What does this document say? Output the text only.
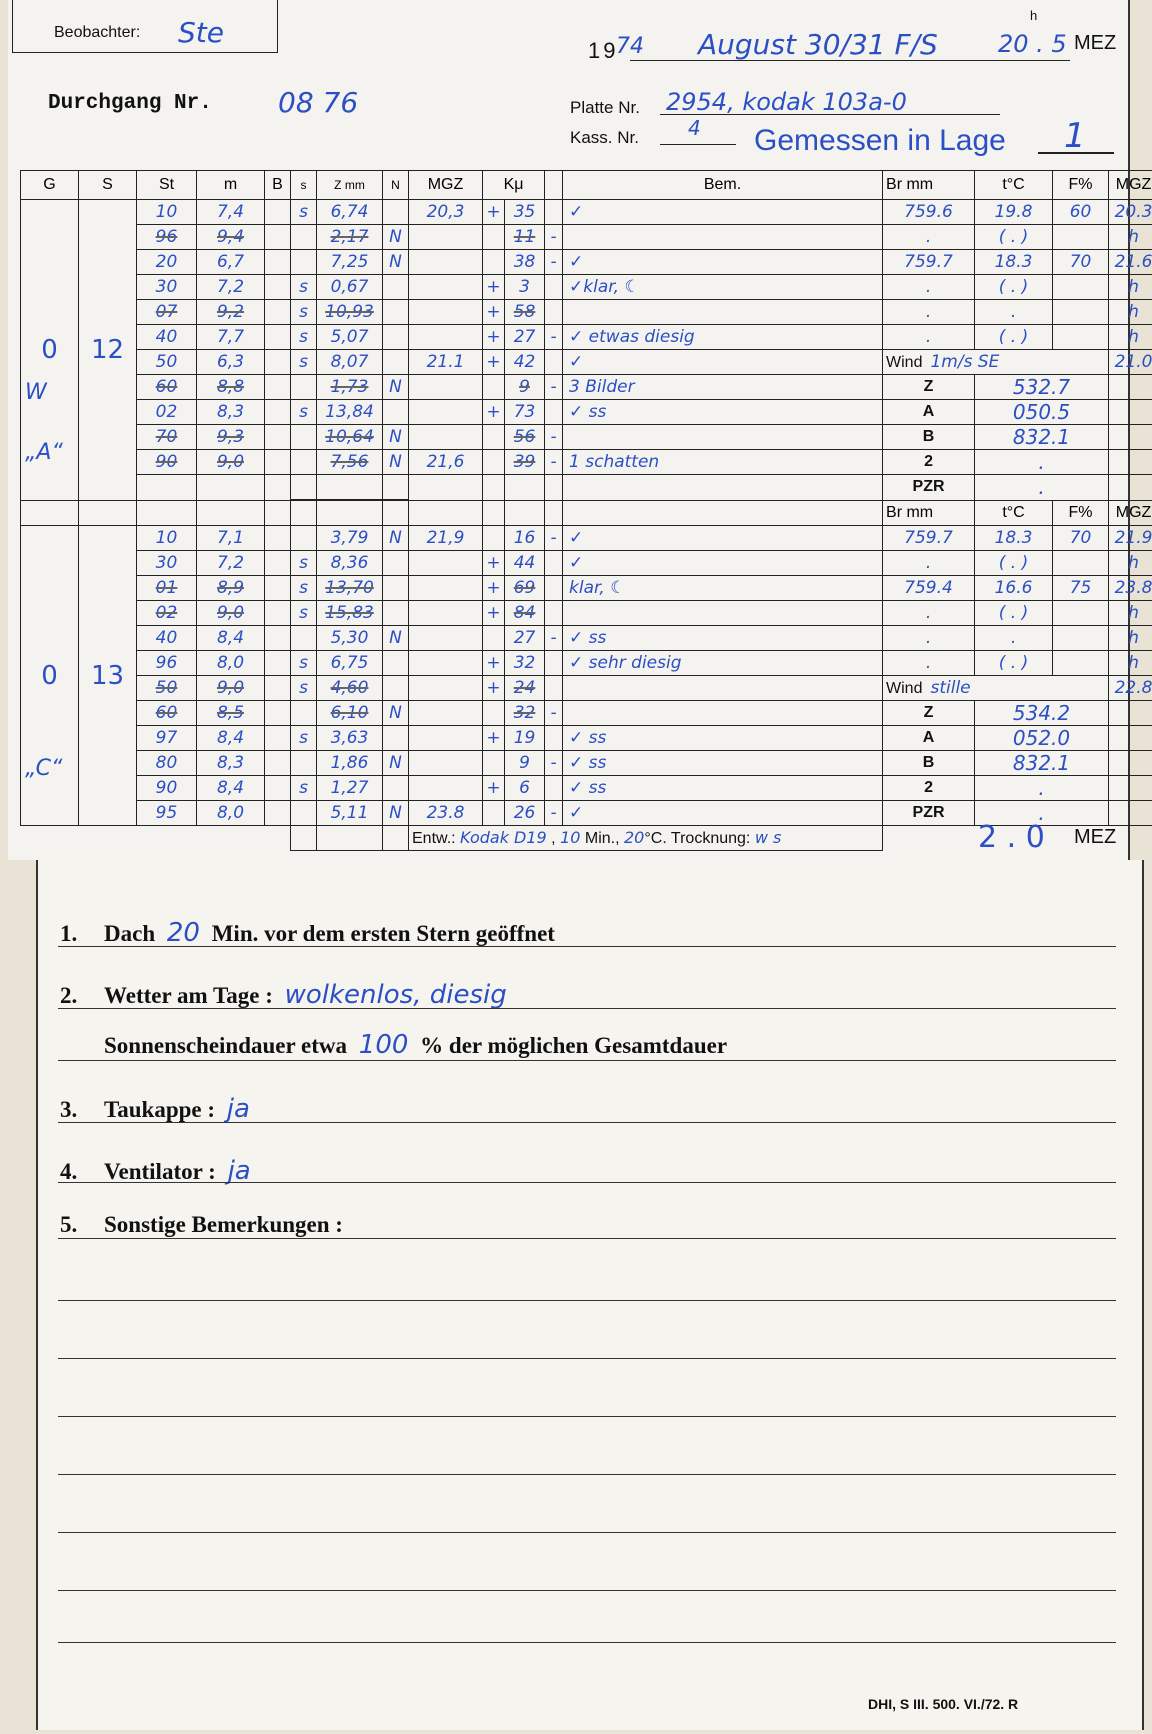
Beobachter: Ste
19
74 August 30/31 F/S	20 . 5
h
MEZ
Durchgang Nr. 08 76	Platte Nr. 2954, kodak 103a-0
Kass. Nr. 4 Gemessen in Lage 1
G	S	St	m	B	s	Z mm	N	MGZ	Kμ			Bem.	Br mm	t°C	F%	MGZ
0
W
„A“	12	10	7,4		s	6,74		20,3	+	35		✓	759.6	19.8	60	20.3
		96	9,4			2,17	N			11	-		.	( . )		h
		20	6,7			7,25	N			38	-	✓	759.7	18.3	70	21.6
		30	7,2		s	0,67			+	3		✓klar, ☾	.	( . )		h
		07	9,2		s	10,93			+	58			.	.		h
		40	7,7		s	5,07			+	27	-	✓ etwas diesig	.	( . )		h
		50	6,3		s	8,07		21.1	+	42		✓	Wind 1m/s SE			21.0
		60	8,8			1,73	N			9	-	3 Bilder	Z	532.7		
		02	8,3		s	13,84			+	73		✓ ss	A	050.5		
		70	9,3			10,64	N			56	-		B	832.1		
		90	9,0			7,56	N	21,6		39	-	1 schatten	2	.		
													PZR	.		
													Br mm	t°C	F%	MGZ
0
„C“	13	10	7,1			3,79	N	21,9		16	-	✓	759.7	18.3	70	21.9
		30	7,2		s	8,36			+	44		✓	.	( . )		h
		01	8,9		s	13,70			+	69		klar, ☾	759.4	16.6	75	23.8
		02	9,0		s	15,83			+	84			.	( . )		h
		40	8,4			5,30	N			27	-	✓ ss	.	.		h
		96	8,0		s	6,75			+	32		✓ sehr diesig	.	( . )		h
		50	9,0		s	4,60			+	24			Wind stille			22.8
		60	8,5			6,10	N			32	-		Z	534.2		
		97	8,4		s	3,63			+	19		✓ ss	A	052.0		
		80	8,3			1,86	N			9	-	✓ ss	B	832.1		
		90	8,4		s	1,27			+	6		✓ ss	2	.		
		95	8,0			5,11	N	23.8		26	-	✓	PZR	.		
								Entw.: Kodak D19 , 10 Min., 20°C. Trocknung: w s									2 . 0 MEZ
1. Dach 20 Min. vor dem ersten Stern geöffnet
2. Wetter am Tage : wolkenlos, diesig
Sonnenscheindauer etwa 100 % der möglichen Gesamtdauer
3. Taukappe : ja
4. Ventilator : ja
5. Sonstige Bemerkungen :
DHI, S III. 500. VI./72. R
